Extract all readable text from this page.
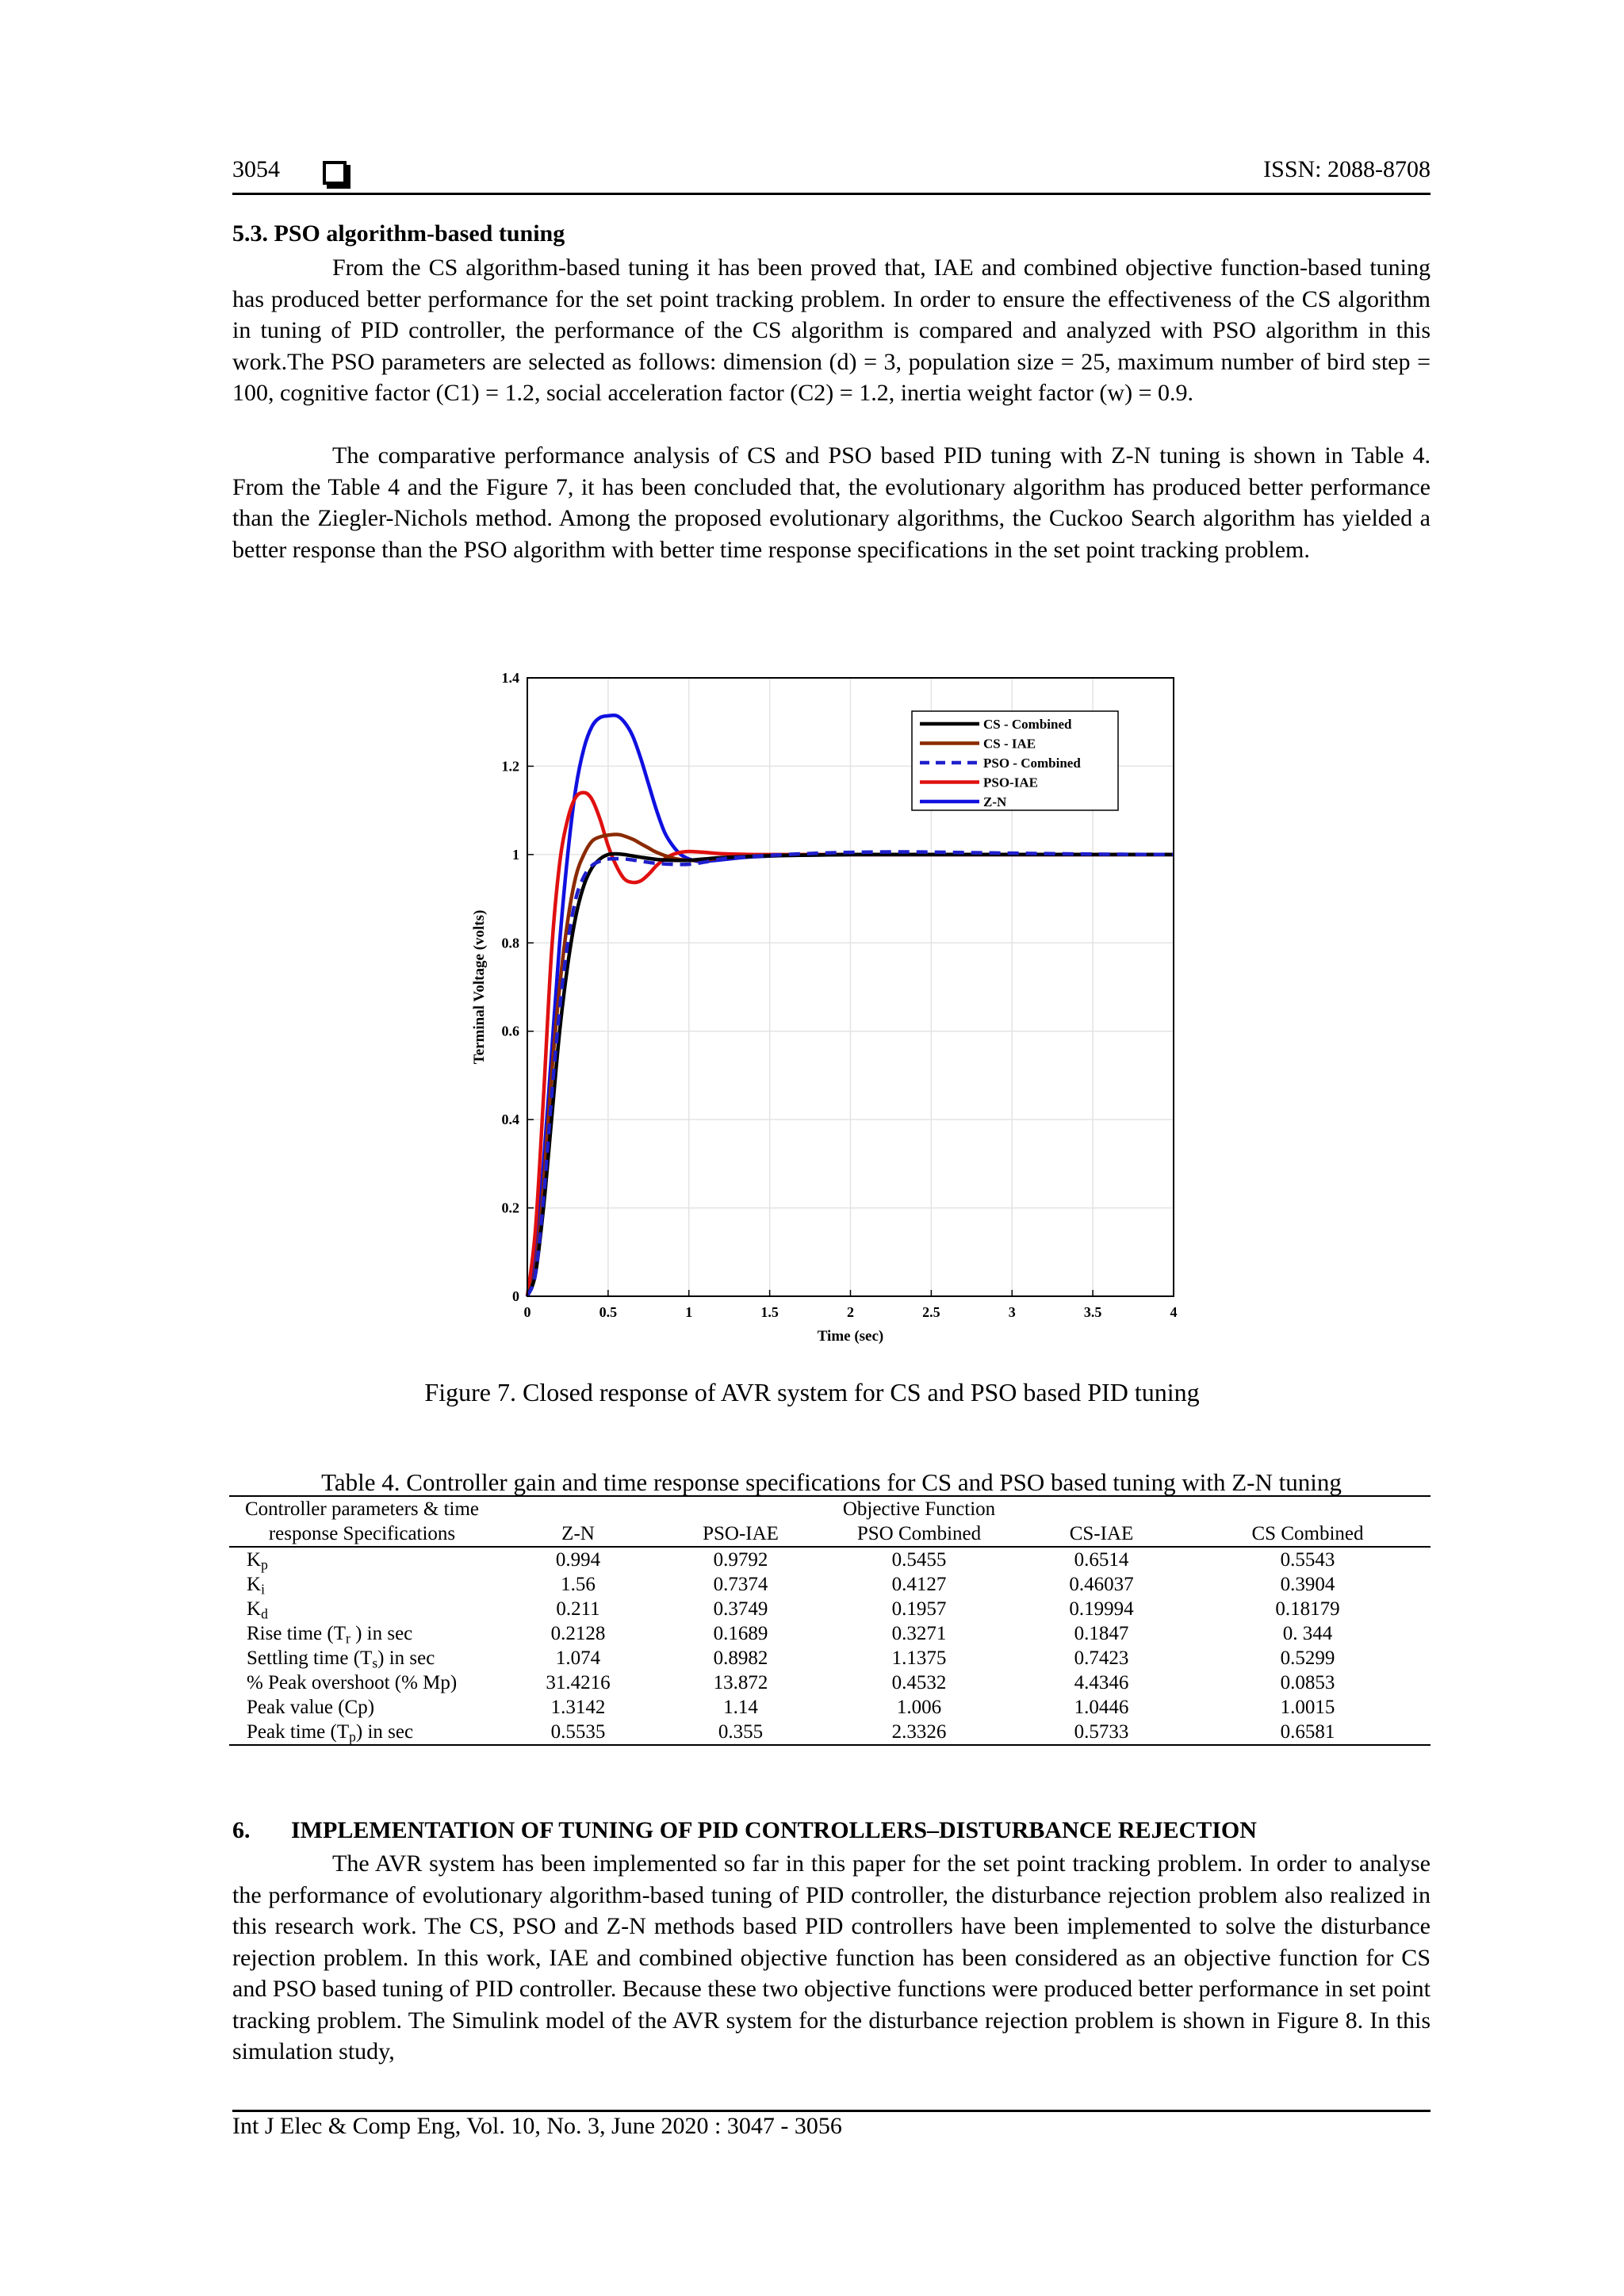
3054	ISSN: 2088-8708
5.3. PSO algorithm-based tuning
From the CS algorithm-based tuning it has been proved that, IAE and combined objective function-based tuning has produced better performance for the set point tracking problem. In order to ensure the effectiveness of the CS algorithm in tuning of PID controller, the performance of the CS algorithm is compared and analyzed with PSO algorithm in this work.The PSO parameters are selected as follows: dimension (d) = 3, population size = 25, maximum number of bird step = 100, cognitive factor (C1) = 1.2, social acceleration factor (C2) = 1.2, inertia weight factor (w) = 0.9.
The comparative performance analysis of CS and PSO based PID tuning with Z-N tuning is shown in Table 4. From the Table 4 and the Figure 7, it has been concluded that, the evolutionary algorithm has produced better performance than the Ziegler-Nichols method. Among the proposed evolutionary algorithms, the Cuckoo Search algorithm has yielded a better response than the PSO algorithm with better time response specifications in the set point tracking problem.
0	0.5	1	1.5	2	2.5	3	3.5	4
0
0.2
0.4
0.6
0.8
1
1.2
1.4
Time (sec)
Terminal Voltage (volts)
CS - Combined
CS - IAE
PSO - Combined
PSO-IAE
Z-N
Figure 7. Closed response of AVR system for CS and PSO based PID tuning
Table 4. Controller gain and time response specifications for CS and PSO based tuning with Z-N tuning
Controller parameters & time			Objective Function		
response Specifications	Z-N	PSO-IAE	PSO Combined	CS-IAE	CS Combined
$K_p$	0.994	0.9792	0.5455	0.6514	0.5543
$K_i$	1.56	0.7374	0.4127	0.46037	0.3904
$K_d$	0.211	0.3749	0.1957	0.19994	0.18179
Rise time ($T_r$ ) in sec	0.2128	0.1689	0.3271	0.1847	0. 344
Settling time $(T_s)$ in sec	1.074	0.8982	1.1375	0.7423	0.5299
% Peak overshoot (% Mp)	31.4216	13.872	0.4532	4.4346	0.0853
Peak value (Cp)	1.3142	1.14	1.006	1.0446	1.0015
Peak time $(T_p)$ in sec	0.5535	0.355	2.3326	0.5733	0.6581
6. IMPLEMENTATION OF TUNING OF PID CONTROLLERS–DISTURBANCE REJECTION
The AVR system has been implemented so far in this paper for the set point tracking problem. In order to analyse the performance of evolutionary algorithm-based tuning of PID controller, the disturbance rejection problem also realized in this research work. The CS, PSO and Z-N methods based PID controllers have been implemented to solve the disturbance rejection problem. In this work, IAE and combined objective function has been considered as an objective function for CS and PSO based tuning of PID controller. Because these two objective functions were produced better performance in set point tracking problem. The Simulink model of the AVR system for the disturbance rejection problem is shown in Figure 8. In this simulation study,
Int J Elec & Comp Eng, Vol. 10, No. 3, June 2020 : 3047 - 3056
